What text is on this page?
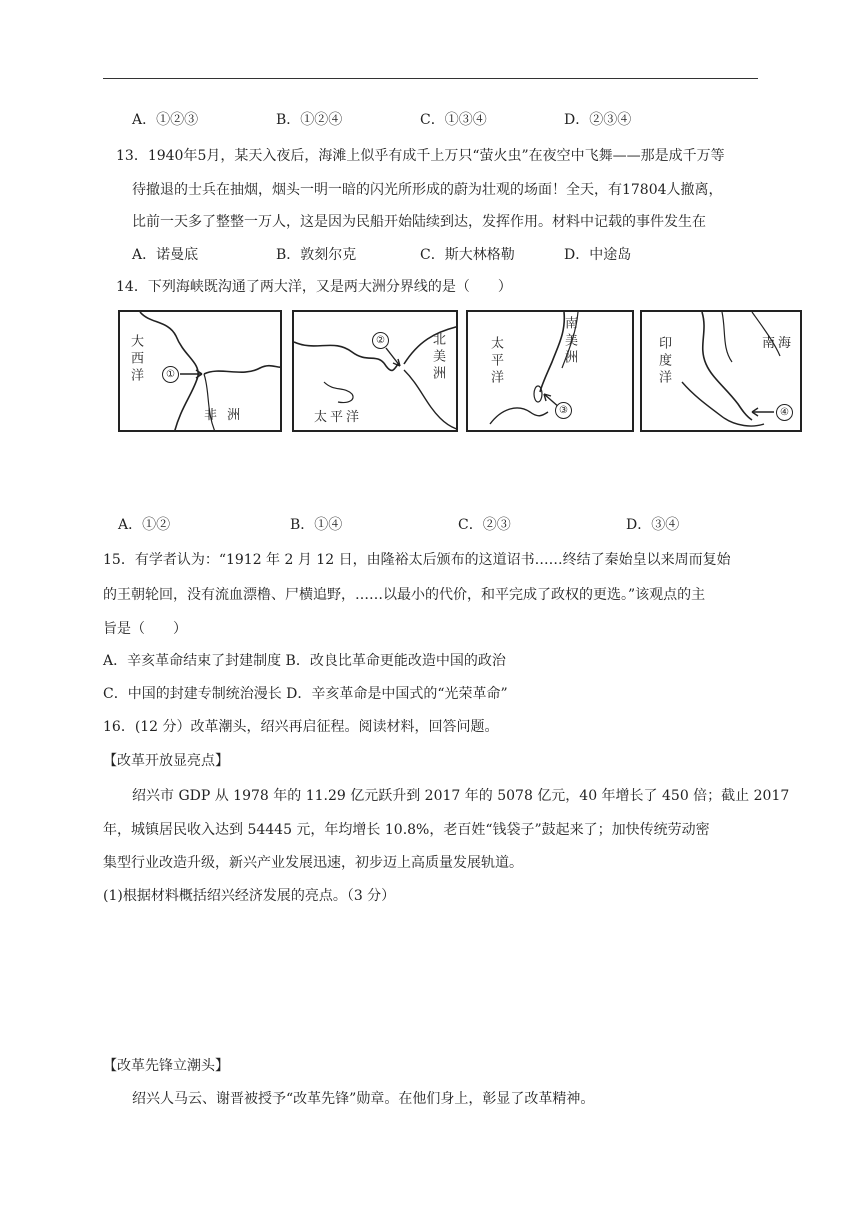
A．①②③	B．①②④	C．①③④	D．②③④
13．1940年5月，某天入夜后，海滩上似乎有成千上万只“萤火虫”在夜空中飞舞——那是成千万等
待撤退的士兵在抽烟，烟头一明一暗的闪光所形成的蔚为壮观的场面！全天，有17804人撤离，
比前一天多了整整一万人，这是因为民船开始陆续到达，发挥作用。材料中记载的事件发生在
A．诺曼底	B．敦刻尔克	C．斯大林格勒	D．中途岛
14．下列海峡既沟通了两大洋，又是两大洲分界线的是（　　）
大西洋
非 洲
①	北美洲
太平洋
②	太平洋	南美洲
③
印度洋	南海
④
A．①②	B．①④	C．②③	D．③④
15．有学者认为：“1912 年 2 月 12 日，由隆裕太后颁布的这道诏书……终结了秦始皇以来周而复始
的王朝轮回，没有流血漂橹、尸横追野，……以最小的代价，和平完成了政权的更选。”该观点的主
旨是（　　）
A．辛亥革命结束了封建制度 B．改良比革命更能改造中国的政治
C．中国的封建专制统治漫长 D．辛亥革命是中国式的“光荣革命”
16．(12 分）改革潮头，绍兴再启征程。阅读材料，回答问题。
【改革开放显亮点】
绍兴市 GDP 从 1978 年的 11.29 亿元跃升到 2017 年的 5078 亿元，40 年增长了 450 倍；截止 2017
年，城镇居民收入达到 54445 元，年均增长 10.8%，老百姓“钱袋子”鼓起来了；加快传统劳动密
集型行业改造升级，新兴产业发展迅速，初步迈上高质量发展轨道。
(1)根据材料概括绍兴经济发展的亮点。（3 分）
【改革先锋立潮头】
绍兴人马云、谢晋被授予“改革先锋”勋章。在他们身上，彰显了改革精神。
